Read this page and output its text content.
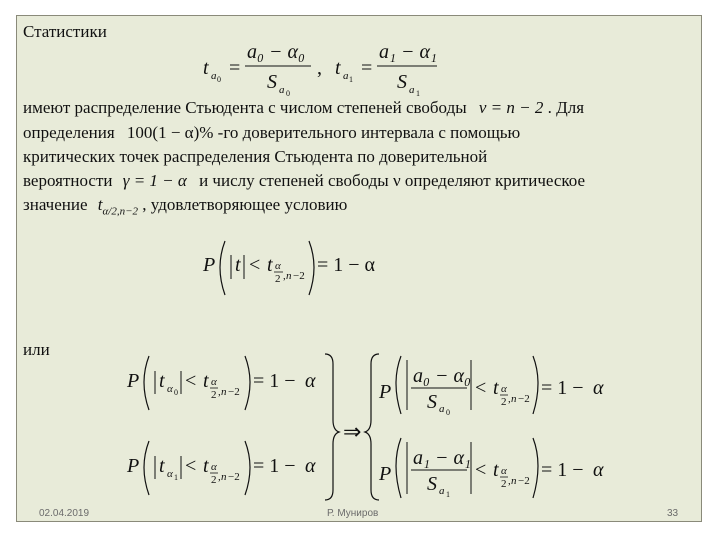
Статистики
t a 0
=
a₀ − α₀
S a 0
, t a 1
=
a₁ − α₁
S a 1
имеют распределение Стьюдента с числом степеней свободы ν = n − 2 . Для
определения 100(1 − α)% -го доверительного интервала с помощью
критических точек распределения Стьюдента по доверительной
вероятности γ = 1 − α и числу степеней свободы ν определяют критическое
значение $t_{\alpha/2,n-2}$ , удовлетворяющее условию
P t < t α
2 , n −2 = 1 − α
или
P t α 0
< t α
2 , n −2 = 1 − α
P t α 1
< t α
2 , n −2 = 1 − α
⇒
P
a₀ − α₀
S a 0
< t α
2 , n −2 = 1 − α
P
a₁ − α₁
S a 1
< t α
2 , n −2 = 1 − α
02.04.2019	Р. Муниров	33
